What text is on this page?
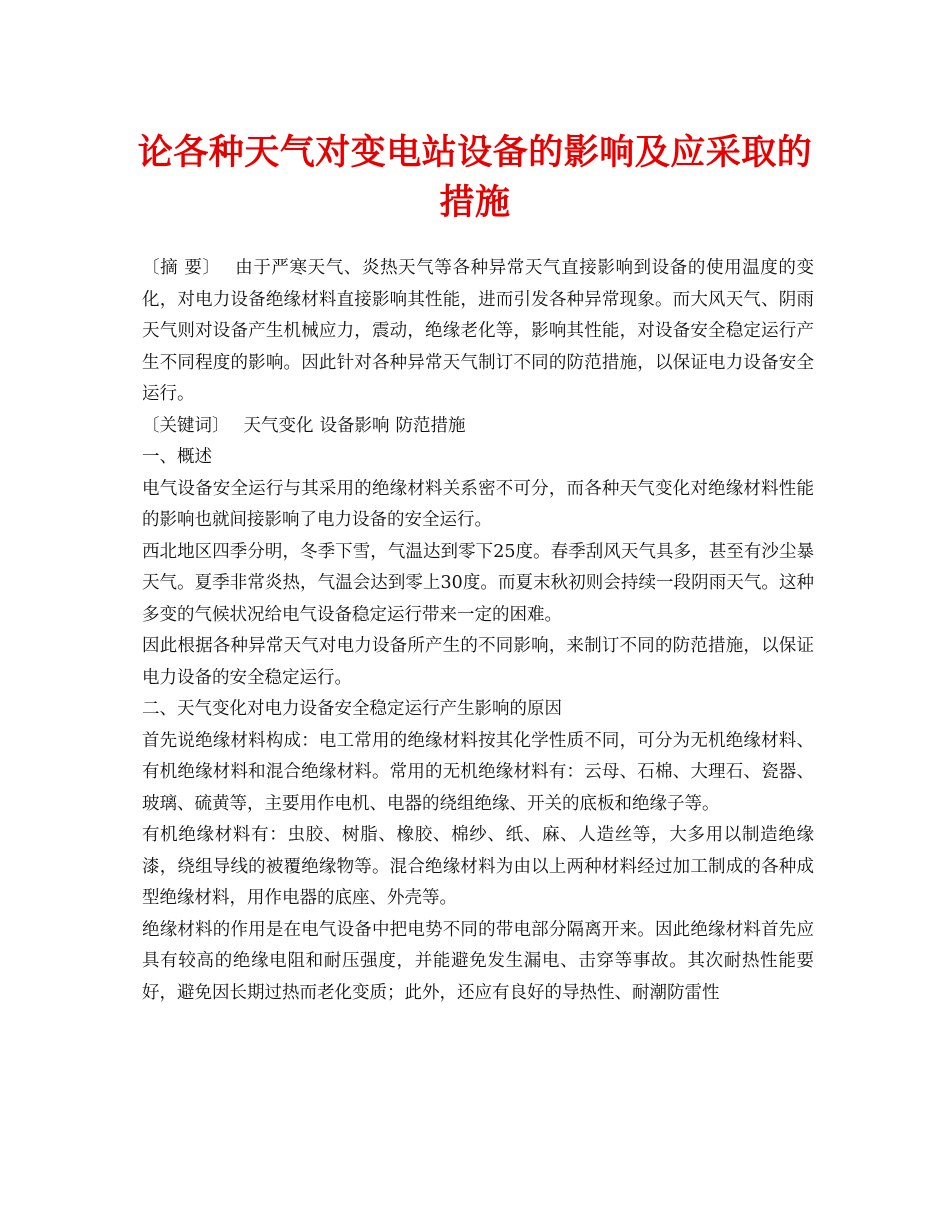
论各种天气对变电站设备的影响及应采取的
措施

〔摘 要〕 由于严寒天气、炎热天气等各种异常天气直接影响到设备的使用温度的变化，对电力设备绝缘材料直接影响其性能，进而引发各种异常现象。而大风天气、阴雨天气则对设备产生机械应力，震动，绝缘老化等，影响其性能，对设备安全稳定运行产生不同程度的影响。因此针对各种异常天气制订不同的防范措施，以保证电力设备安全运行。

〔关键词〕 天气变化 设备影响 防范措施

一、概述

电气设备安全运行与其采用的绝缘材料关系密不可分，而各种天气变化对绝缘材料性能的影响也就间接影响了电力设备的安全运行。

西北地区四季分明，冬季下雪，气温达到零下25度。春季刮风天气具多，甚至有沙尘暴天气。夏季非常炎热，气温会达到零上30度。而夏末秋初则会持续一段阴雨天气。这种多变的气候状况给电气设备稳定运行带来一定的困难。

因此根据各种异常天气对电力设备所产生的不同影响，来制订不同的防范措施，以保证电力设备的安全稳定运行。

二、天气变化对电力设备安全稳定运行产生影响的原因

首先说绝缘材料构成：电工常用的绝缘材料按其化学性质不同，可分为无机绝缘材料、有机绝缘材料和混合绝缘材料。常用的无机绝缘材料有：云母、石棉、大理石、瓷器、玻璃、硫黄等，主要用作电机、电器的绕组绝缘、开关的底板和绝缘子等。

有机绝缘材料有：虫胶、树脂、橡胶、棉纱、纸、麻、人造丝等，大多用以制造绝缘漆，绕组导线的被覆绝缘物等。混合绝缘材料为由以上两种材料经过加工制成的各种成型绝缘材料，用作电器的底座、外壳等。

绝缘材料的作用是在电气设备中把电势不同的带电部分隔离开来。因此绝缘材料首先应具有较高的绝缘电阻和耐压强度，并能避免发生漏电、击穿等事故。其次耐热性能要好，避免因长期过热而老化变质；此外，还应有良好的导热性、耐潮防雷性
